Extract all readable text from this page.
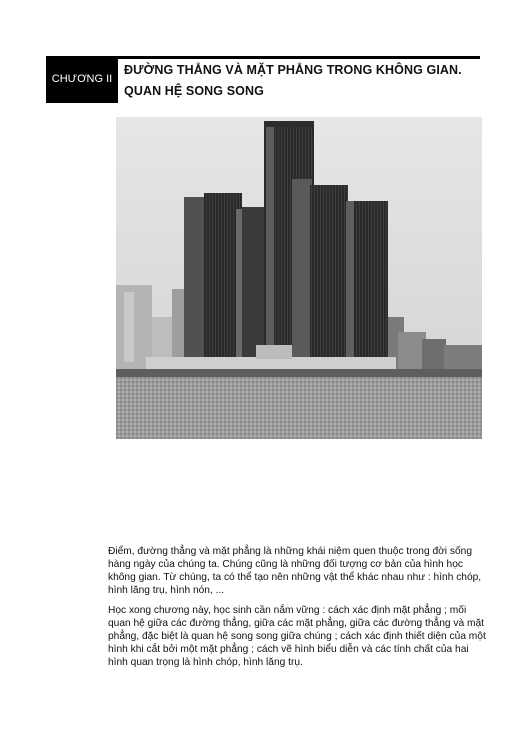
CHƯƠNG II
ĐƯỜNG THẲNG VÀ MẶT PHẲNG TRONG KHÔNG GIAN.
QUAN HỆ SONG SONG

Điểm, đường thẳng và mặt phẳng là những khái niệm quen thuộc trong đời sống hàng ngày của chúng ta. Chúng cũng là những đối tượng cơ bản của hình học không gian. Từ chúng, ta có thể tạo nên những vật thể khác nhau như : hình chóp, hình lăng trụ, hình nón, ...

Học xong chương này, học sinh cần nắm vững : cách xác định mặt phẳng ; mối quan hệ giữa các đường thẳng, giữa các mặt phẳng, giữa các đường thẳng và mặt phẳng, đặc biệt là quan hệ song song giữa chúng ; cách xác định thiết diện của một hình khi cắt bởi một mặt phẳng ; cách vẽ hình biểu diễn và các tính chất của hai hình quan trọng là hình chóp, hình lăng trụ.
